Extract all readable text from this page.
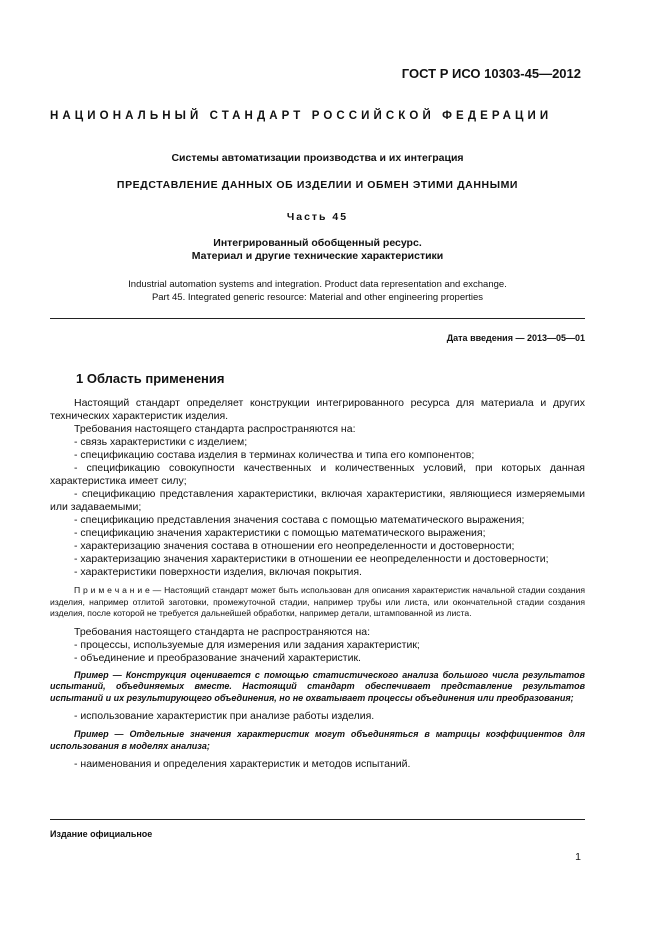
ГОСТ Р ИСО 10303-45—2012
НАЦИОНАЛЬНЫЙ СТАНДАРТ РОССИЙСКОЙ ФЕДЕРАЦИИ
Системы автоматизации производства и их интеграция
ПРЕДСТАВЛЕНИЕ ДАННЫХ ОБ ИЗДЕЛИИ И ОБМЕН ЭТИМИ ДАННЫМИ
Часть 45
Интегрированный обобщенный ресурс.
Материал и другие технические характеристики
Industrial automation systems and integration. Product data representation and exchange.
Part 45. Integrated generic resource: Material and other engineering properties
Дата введения — 2013—05—01
1 Область применения

Настоящий стандарт определяет конструкции интегрированного ресурса для материала и других технических характеристик изделия.

Требования настоящего стандарта распространяются на:

- связь характеристики с изделием;

- спецификацию состава изделия в терминах количества и типа его компонентов;

- спецификацию совокупности качественных и количественных условий, при которых данная характеристика имеет силу;

- спецификацию представления характеристики, включая характеристики, являющиеся измеряемыми или задаваемыми;

- спецификацию представления значения состава с помощью математического выражения;

- спецификацию значения характеристики с помощью математического выражения;

- характеризацию значения состава в отношении его неопределенности и достоверности;

- характеризацию значения характеристики в отношении ее неопределенности и достоверности;

- характеристики поверхности изделия, включая покрытия.

П р и м е ч а н и е — Настоящий стандарт может быть использован для описания характеристик начальной стадии создания изделия, например отлитой заготовки, промежуточной стадии, например трубы или листа, или окончательной стадии создания изделия, после которой не требуется дальнейшей обработки, например детали, штампованной из листа.

Требования настоящего стандарта не распространяются на:

- процессы, используемые для измерения или задания характеристик;

- объединение и преобразование значений характеристик.

Пример — Конструкция оценивается с помощью статистического анализа большого числа результатов испытаний, объединяемых вместе. Настоящий стандарт обеспечивает представление результатов испытаний и их результирующего объединения, но не охватывает процессы объединения или преобразования;

- использование характеристик при анализе работы изделия.

Пример — Отдельные значения характеристик могут объединяться в матрицы коэффициентов для использования в моделях анализа;

- наименования и определения характеристик и методов испытаний.

Издание официальное
1
